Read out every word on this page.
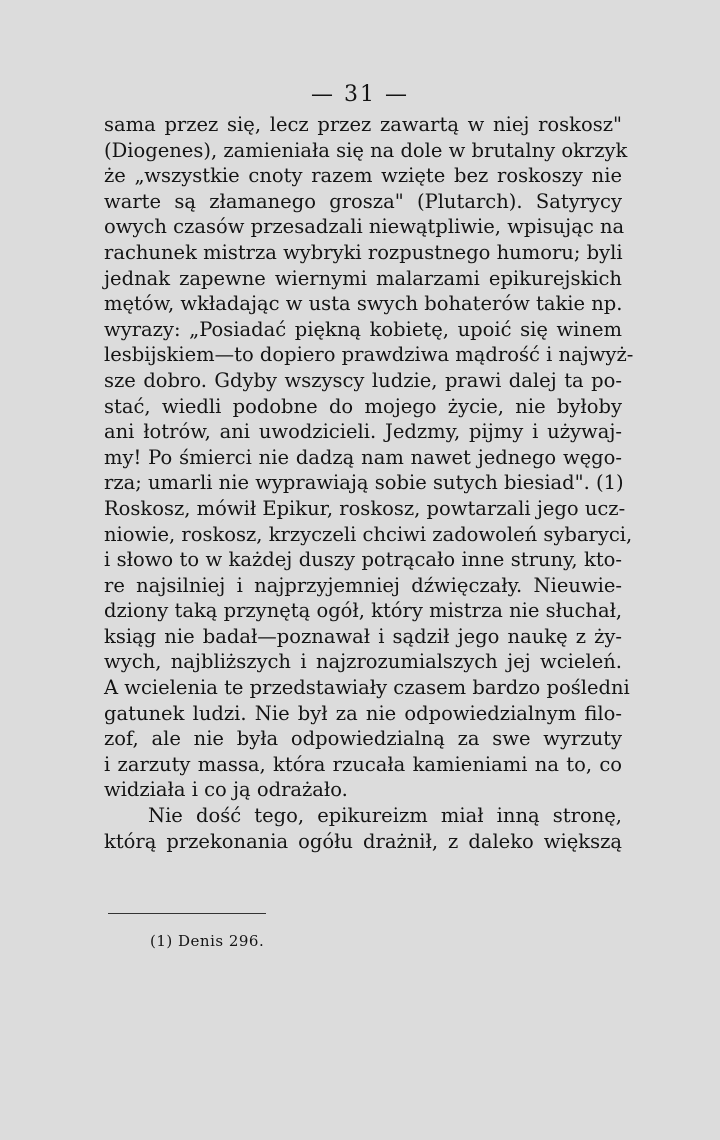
— 31 —
sama przez się, lecz przez zawartą w niej roskosz"
(Diogenes), zamieniała się na dole w brutalny okrzyk
że „wszystkie cnoty razem wzięte bez roskoszy nie
warte są złamanego grosza" (Plutarch). Satyrycy
owych czasów przesadzali niewątpliwie, wpisując na
rachunek mistrza wybryki rozpustnego humoru; byli
jednak zapewne wiernymi malarzami epikurejskich
mętów, wkładając w usta swych bohaterów takie np.
wyrazy: „Posiadać piękną kobietę, upoić się winem
lesbijskiem—to dopiero prawdziwa mądrość i najwyż-
sze dobro. Gdyby wszyscy ludzie, prawi dalej ta po-
stać, wiedli podobne do mojego życie, nie byłoby
ani łotrów, ani uwodzicieli. Jedzmy, pijmy i używaj-
my! Po śmierci nie dadzą nam nawet jednego węgo-
rza; umarli nie wyprawiają sobie sutych biesiad". (1)
Roskosz, mówił Epikur, roskosz, powtarzali jego ucz-
niowie, roskosz, krzyczeli chciwi zadowoleń sybaryci,
i słowo to w każdej duszy potrącało inne struny, kto-
re najsilniej i najprzyjemniej dźwięczały. Nieuwie-
dziony taką przynętą ogół, który mistrza nie słuchał,
ksiąg nie badał—poznawał i sądził jego naukę z ży-
wych, najbliższych i najzrozumialszych jej wcieleń.
A wcielenia te przedstawiały czasem bardzo pośledni
gatunek ludzi. Nie był za nie odpowiedzialnym filo-
zof, ale nie była odpowiedzialną za swe wyrzuty
i zarzuty massa, która rzucała kamieniami na to, co
widziała i co ją odrażało.
Nie dość tego, epikureizm miał inną stronę,
którą przekonania ogółu drażnił, z daleko większą
(1) Denis 296.
